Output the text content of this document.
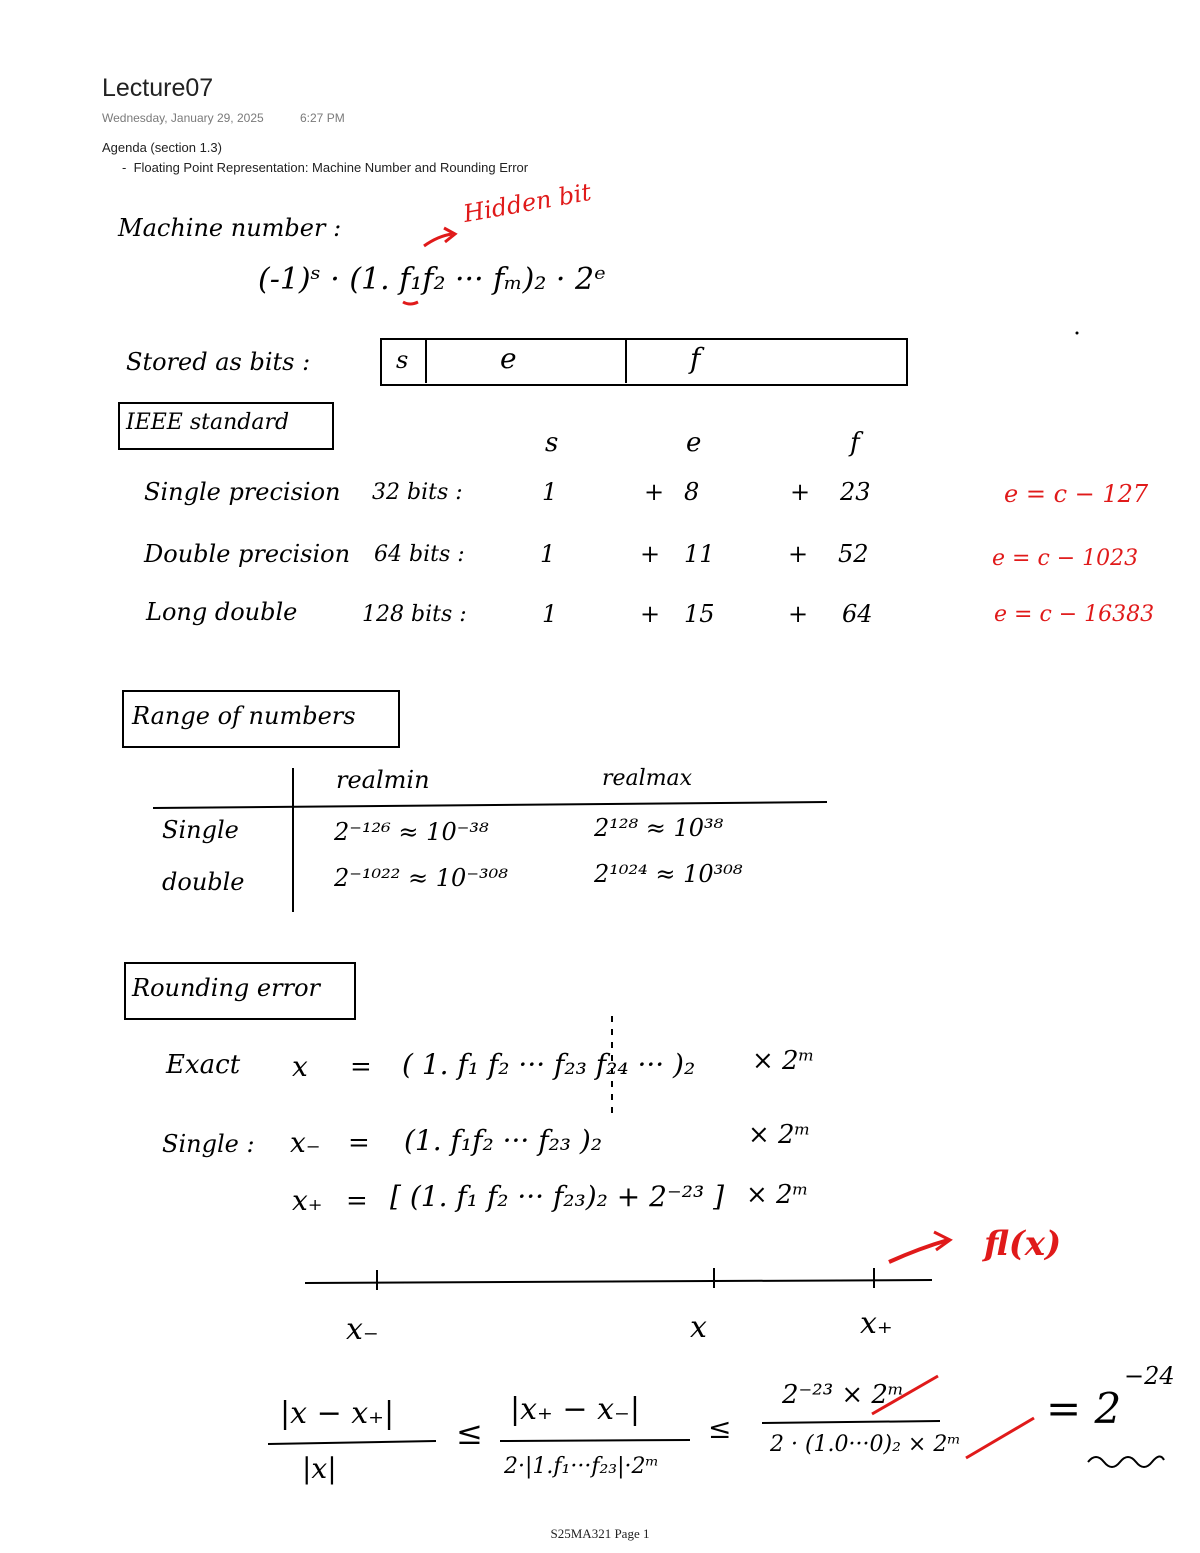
Lecture07
Wednesday, January 29, 2025	6:27 PM
Agenda (section 1.3)
-  Floating Point Representation: Machine Number and Rounding Error
Machine number :	Hidden bit
(-1)ˢ · (1. f₁f₂ ··· fₘ)₂ · 2ᵉ
Stored as bits :	s	e	f
IEEE standard
s	e	f
Single precision 32 bits :	1	+ 8	+ 23	e = c − 127
Double precision 64 bits :	1	+ 11	+ 52	e = c − 1023
Long double	128 bits :	1	+ 15	+ 64	e = c − 16383
Range of numbers
realmin	realmax
Single	2⁻¹²⁶ ≈ 10⁻³⁸	2¹²⁸ ≈ 10³⁸
double	2⁻¹⁰²² ≈ 10⁻³⁰⁸	2¹⁰²⁴ ≈ 10³⁰⁸
Rounding error
Exact x = ( 1. f₁ f₂ ··· f₂₃ f₂₄ ··· )₂ × 2ᵐ
Single : x₋ = (1. f₁f₂ ··· f₂₃ )₂	× 2ᵐ
x₊ = [ (1. f₁ f₂ ··· f₂₃)₂ + 2⁻²³ ] × 2ᵐ
fl(x)
x₋	x	x₊
|x − x₊|
|x|
≤
|x₊ − x₋|
2·|1.f₁···f₂₃|·2ᵐ
≤
2⁻²³ × 2ᵐ
2 · (1.0···0)₂ × 2ᵐ
= 2
−24
S25MA321 Page 1
